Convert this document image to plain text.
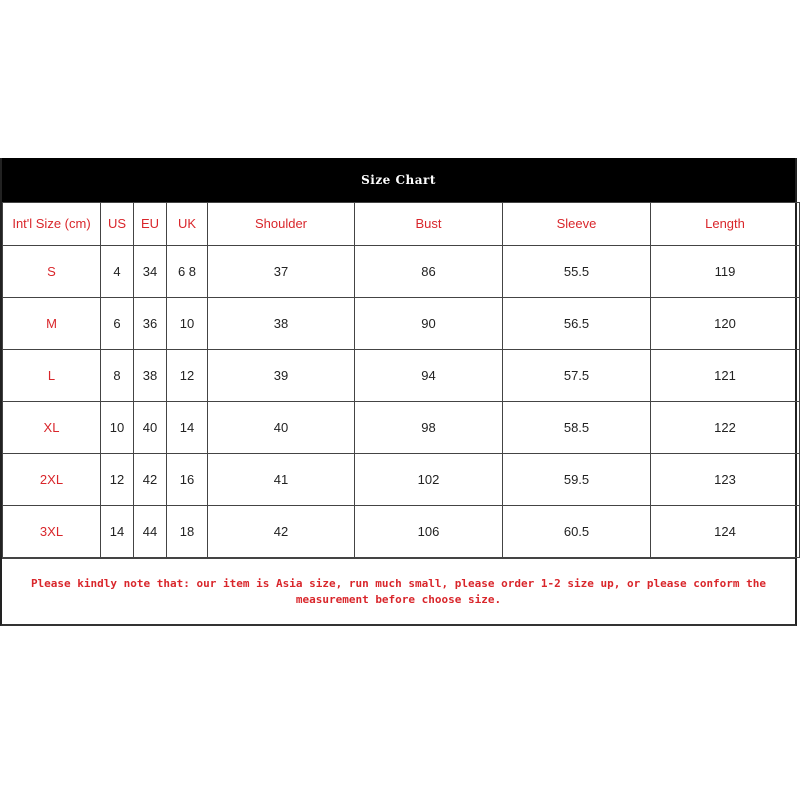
Size Chart
Int'l Size (cm)	US	EU	UK	Shoulder	Bust	Sleeve	Length
S	4	34	6 8	37	86	55.5	119
M	6	36	10	38	90	56.5	120
L	8	38	12	39	94	57.5	121
XL	10	40	14	40	98	58.5	122
2XL	12	42	16	41	102	59.5	123
3XL	14	44	18	42	106	60.5	124
Please kindly note that: our item is Asia size, run much small, please order 1-2 size up, or please conform the measurement before choose size.
